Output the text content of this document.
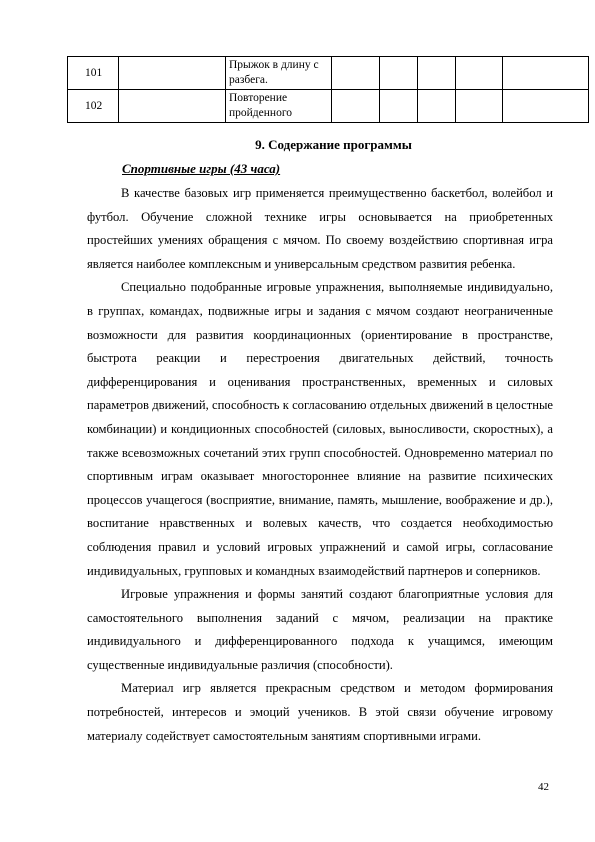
101		Прыжок в длину с разбега.					
102		Повторение пройденного					
9. Содержание программы
Спортивные игры (43 часа)

В качестве базовых игр применяется преимущественно баскетбол, волейбол и футбол. Обучение сложной технике игры основывается на приобретенных простейших умениях обращения с мячом. По своему воздействию спортивная игра является наиболее комплексным и универсальным средством развития ребенка.

Специально подобранные игровые упражнения, выполняемые индивидуально, в группах, командах, подвижные игры и задания с мячом создают неограниченные возможности для развития координационных (ориентирование в пространстве, быстрота реакции и перестроения двигательных действий, точность дифференцирования и оценивания пространственных, временных и силовых параметров движений, способность к согласованию отдельных движений в целостные комбинации) и кондиционных способностей (силовых, выносливости, скоростных), а также всевозможных сочетаний этих групп способностей. Одновременно материал по спортивным играм оказывает многостороннее влияние на развитие психических процессов учащегося (восприятие, внимание, память, мышление, воображение и др.), воспитание нравственных и волевых качеств, что создается необходимостью соблюдения правил и условий игровых упражнений и самой игры, согласование индивидуальных, групповых и командных взаимодействий партнеров и соперников.

Игровые упражнения и формы занятий создают благоприятные условия для самостоятельного выполнения заданий с мячом, реализации на практике индивидуального и дифференцированного подхода к учащимся, имеющим существенные индивидуальные различия (способности).

Материал игр является прекрасным средством и методом формирования потребностей, интересов и эмоций учеников. В этой связи обучение игровому материалу содействует самостоятельным занятиям спортивными играми.

42
